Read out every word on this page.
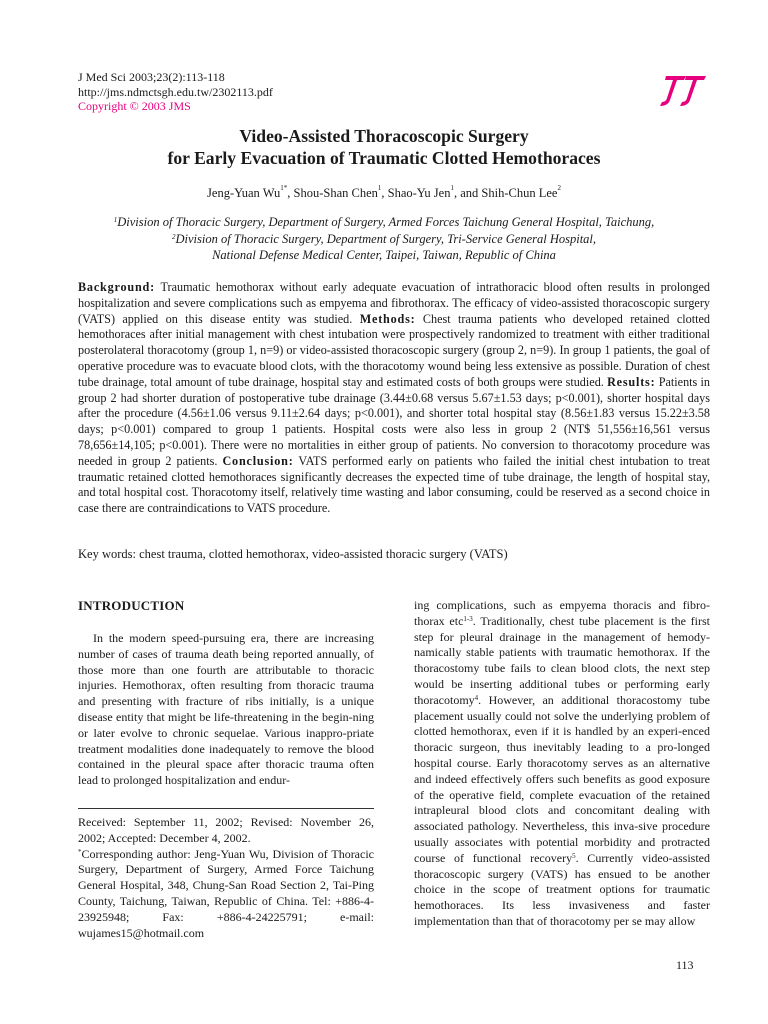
J Med Sci 2003;23(2):113-118
http://jms.ndmctsgh.edu.tw/2302113.pdf
Copyright © 2003 JMS
Video-Assisted Thoracoscopic Surgery
for Early Evacuation of Traumatic Clotted Hemothoraces
Jeng-Yuan $Wu^{1*}$, Shou-Shan Chen$^1$, Shao-Yu Jen$^1$, and Shih-Chun Lee$^2$
$^1$Division of Thoracic Surgery, Department of Surgery, Armed Forces Taichung General Hospital, Taichung,
$^2$Division of Thoracic Surgery, Department of Surgery, Tri-Service General Hospital,
National Defense Medical Center, Taipei, Taiwan, Republic of China
Background: Traumatic hemothorax without early adequate evacuation of intrathoracic blood often results in prolonged hospitalization and severe complications such as empyema and fibrothorax. The efficacy of video-assisted thoracoscopic surgery (VATS) applied on this disease entity was studied. Methods: Chest trauma patients who developed retained clotted hemothoraces after initial management with chest intubation were prospectively randomized to treatment with either traditional posterolateral thoracotomy (group 1, n=9) or video-assisted thoracoscopic surgery (group 2, n=9). In group 1 patients, the goal of operative procedure was to evacuate blood clots, with the thoracotomy wound being less extensive as possible. Duration of chest tube drainage, total amount of tube drainage, hospital stay and estimated costs of both groups were studied. Results: Patients in group 2 had shorter duration of postoperative tube drainage (3.44±0.68 versus 5.67±1.53 days; p<0.001), shorter hospital days after the procedure (4.56±1.06 versus 9.11±2.64 days; p<0.001), and shorter total hospital stay (8.56±1.83 versus 15.22±3.58 days; p<0.001) compared to group 1 patients. Hospital costs were also less in group 2 (NT$ 51,556±16,561 versus 78,656±14,105; p<0.001). There were no mortalities in either group of patients. No conversion to thoracotomy procedure was needed in group 2 patients. Conclusion: VATS performed early on patients who failed the initial chest intubation to treat traumatic retained clotted hemothoraces significantly decreases the expected time of tube drainage, the length of hospital stay, and total hospital cost. Thoracotomy itself, relatively time wasting and labor consuming, could be reserved as a second choice in case there are contraindications to VATS procedure.
Key words: chest trauma, clotted hemothorax, video-assisted thoracic surgery (VATS)
INTRODUCTION
In the modern speed-pursuing era, there are increasing number of cases of trauma death being reported annually, of those more than one fourth are attributable to thoracic injuries. Hemothorax, often resulting from thoracic trauma and presenting with fracture of ribs initially, is a unique disease entity that might be life-threatening in the begin-ning or later evolve to chronic sequelae. Various inappro-priate treatment modalities done inadequately to remove the blood contained in the pleural space after thoracic trauma often lead to prolonged hospitalization and endur-
Received: September 11, 2002; Revised: November 26, 2002; Accepted: December 4, 2002.
*Corresponding author: Jeng-Yuan Wu, Division of Thoracic Surgery, Department of Surgery, Armed Force Taichung General Hospital, 348, Chung-San Road Section 2, Tai-Ping County, Taichung, Taiwan, Republic of China. Tel: +886-4-23925948; Fax: +886-4-24225791; e-mail: wujames15@hotmail.com
ing complications, such as empyema thoracis and fibro-thorax etc$^{1-3}$. Traditionally, chest tube placement is the first step for pleural drainage in the management of hemody-namically stable patients with traumatic hemothorax. If the thoracostomy tube fails to clean blood clots, the next step would be inserting additional tubes or performing early thoracotomy$^4$. However, an additional thoracostomy tube placement usually could not solve the underlying problem of clotted hemothorax, even if it is handled by an experi-enced thoracic surgeon, thus inevitably leading to a pro-longed hospital course. Early thoracotomy serves as an alternative and indeed effectively offers such benefits as good exposure of the operative field, complete evacuation of the retained intrapleural blood clots and concomitant dealing with associated pathology. Nevertheless, this inva-sive procedure usually associates with potential morbidity and protracted course of functional recovery$^5$. Currently video-assisted thoracoscopic surgery (VATS) has ensued to be another choice in the scope of treatment options for traumatic hemothoraces. Its less invasiveness and faster implementation than that of thoracotomy per se may allow
113
